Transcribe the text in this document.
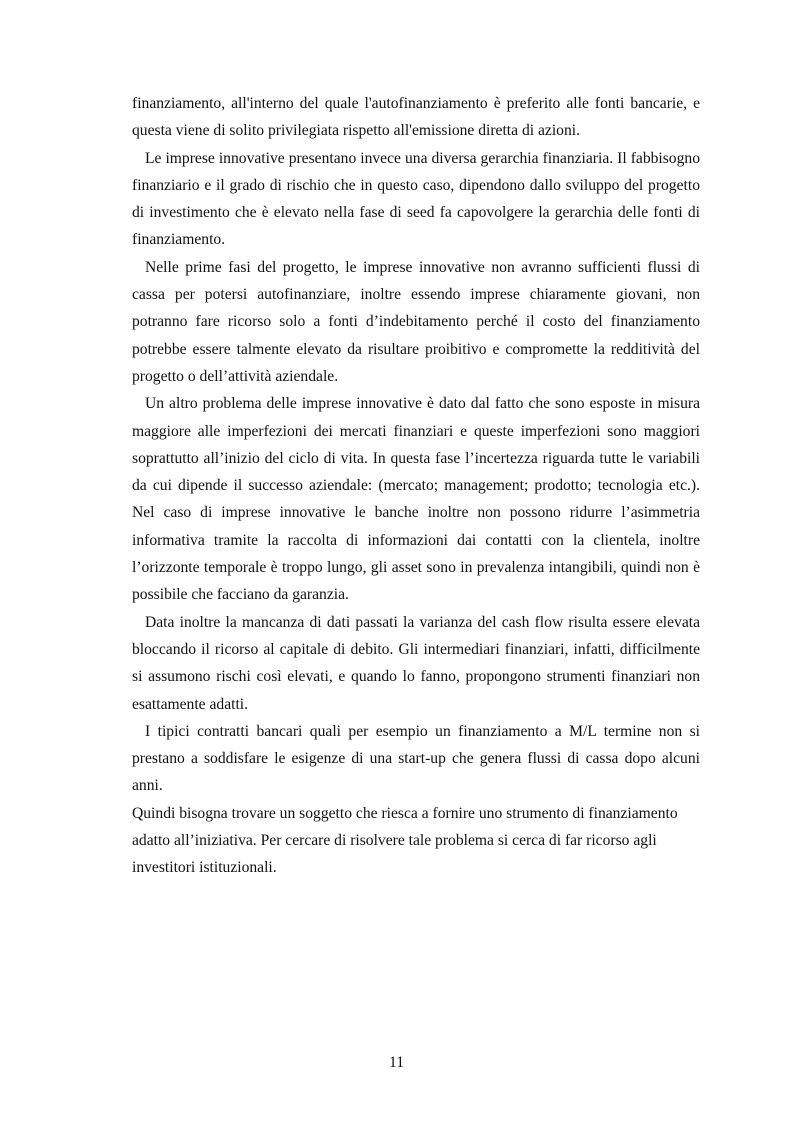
finanziamento, all'interno del quale l'autofinanziamento è preferito alle fonti bancarie, e questa viene di solito privilegiata rispetto all'emissione diretta di azioni.

Le imprese innovative presentano invece una diversa gerarchia finanziaria. Il fabbisogno finanziario e il grado di rischio che in questo caso, dipendono dallo sviluppo del progetto di investimento che è elevato nella fase di seed fa capovolgere la gerarchia delle fonti di finanziamento.

Nelle prime fasi del progetto, le imprese innovative non avranno sufficienti flussi di cassa per potersi autofinanziare, inoltre essendo imprese chiaramente giovani, non potranno fare ricorso solo a fonti d’indebitamento perché il costo del finanziamento potrebbe essere talmente elevato da risultare proibitivo e compromette la redditività del progetto o dell’attività aziendale.

Un altro problema delle imprese innovative è dato dal fatto che sono esposte in misura maggiore alle imperfezioni dei mercati finanziari e queste imperfezioni sono maggiori soprattutto all’inizio del ciclo di vita. In questa fase l’incertezza riguarda tutte le variabili da cui dipende il successo aziendale: (mercato; management; prodotto; tecnologia etc.). Nel caso di imprese innovative le banche inoltre non possono ridurre l’asimmetria informativa tramite la raccolta di informazioni dai contatti con la clientela, inoltre l’orizzonte temporale è troppo lungo, gli asset sono in prevalenza intangibili, quindi non è possibile che facciano da garanzia.

Data inoltre la mancanza di dati passati la varianza del cash flow risulta essere elevata bloccando il ricorso al capitale di debito. Gli intermediari finanziari, infatti, difficilmente si assumono rischi così elevati, e quando lo fanno, propongono strumenti finanziari non esattamente adatti.

I tipici contratti bancari quali per esempio un finanziamento a M/L termine non si prestano a soddisfare le esigenze di una start-up che genera flussi di cassa dopo alcuni anni.

Quindi bisogna trovare un soggetto che riesca a fornire uno strumento di finanziamento adatto all’iniziativa. Per cercare di risolvere tale problema si cerca di far ricorso agli investitori istituzionali.

11
